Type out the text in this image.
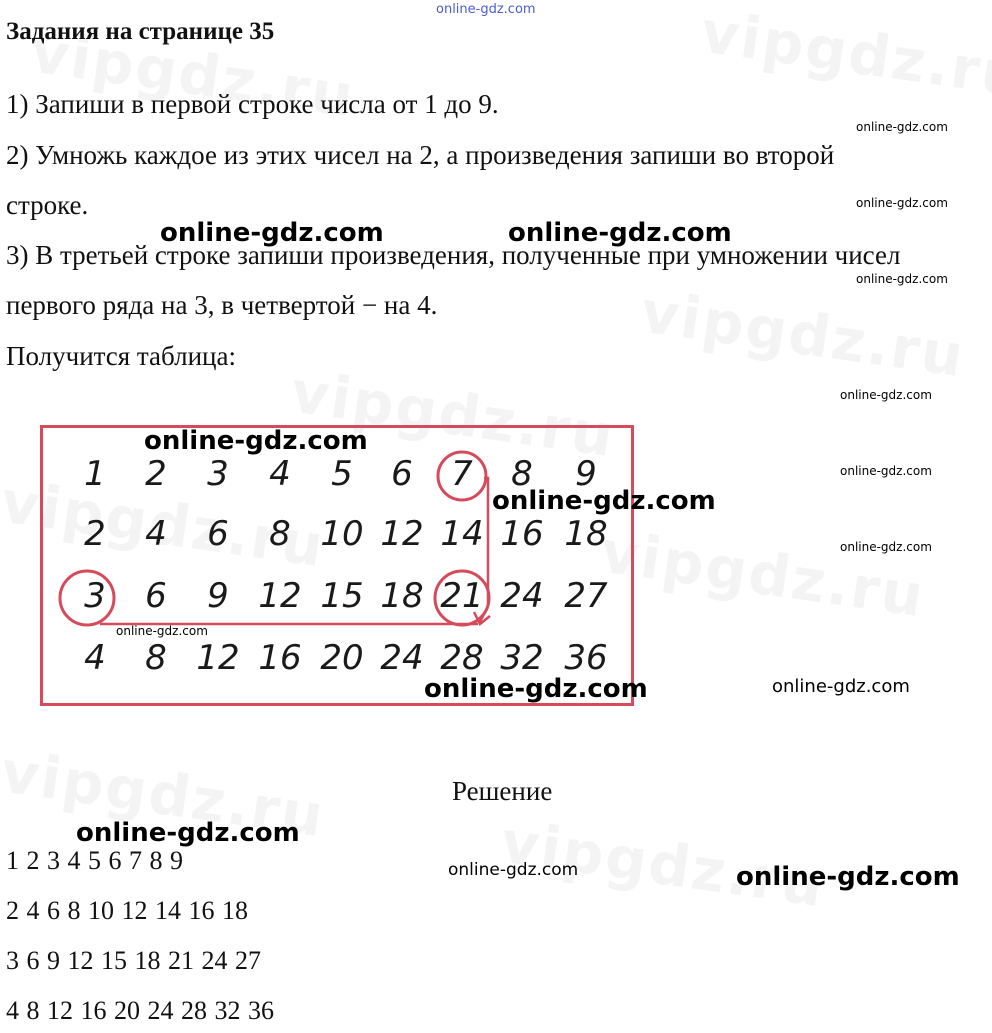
online-gdz.com
Задания на странице 35
1) Запиши в первой строке числа от 1 до 9.
2) Умножь каждое из этих чисел на 2, а произведения запиши во второй
строке.
3) В третьей строке запиши произведения, полученные при умножении чисел
первого ряда на 3, в четвертой − на 4.
Получится таблица:
1 2 3 4 5 6 7 8 9
2 4 6 8 10 12 14 16 18
3 6 9 12 15 18 21 24 27
4 8 12 16 20 24 28 32 36
Решение
1 2 3 4 5 6 7 8 9
2 4 6 8 10 12 14 16 18
3 6 9 12 15 18 21 24 27
4 8 12 16 20 24 28 32 36
online-gdz.com	online-gdz.com
online-gdz.com
online-gdz.com
online-gdz.com
online-gdz.com
online-gdz.com
online-gdz.com
online-gdz.com
online-gdz.com
online-gdz.com
online-gdz.com
online-gdz.com
online-gdz.com
online-gdz.com
online-gdz.com
